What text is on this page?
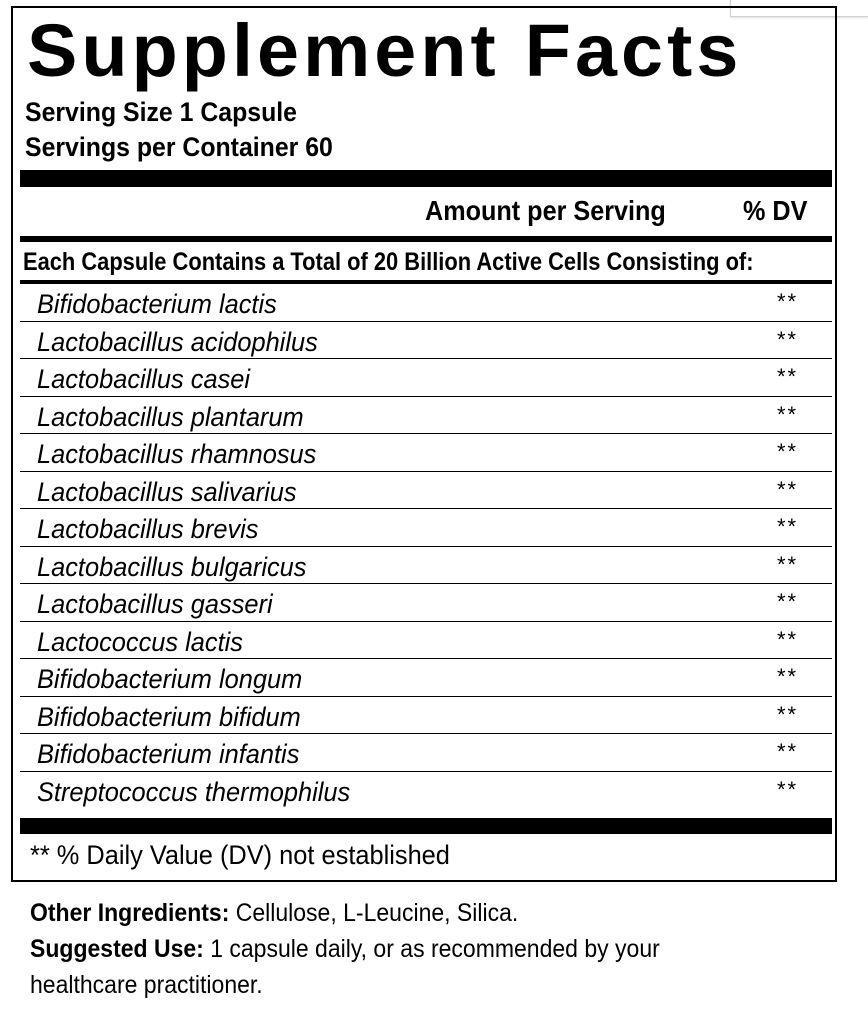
Supplement Facts
Serving Size 1 Capsule
Servings per Container 60
Amount per Serving	% DV
Each Capsule Contains a Total of 20 Billion Active Cells Consisting of:
Bifidobacterium lactis	**
Lactobacillus acidophilus	**
Lactobacillus casei	**
Lactobacillus plantarum	**
Lactobacillus rhamnosus	**
Lactobacillus salivarius	**
Lactobacillus brevis	**
Lactobacillus bulgaricus	**
Lactobacillus gasseri	**
Lactococcus lactis	**
Bifidobacterium longum	**
Bifidobacterium bifidum	**
Bifidobacterium infantis	**
Streptococcus thermophilus	**
** % Daily Value (DV) not established
Other Ingredients: Cellulose, L-Leucine, Silica.
Suggested Use: 1 capsule daily, or as recommended by your
healthcare practitioner.
